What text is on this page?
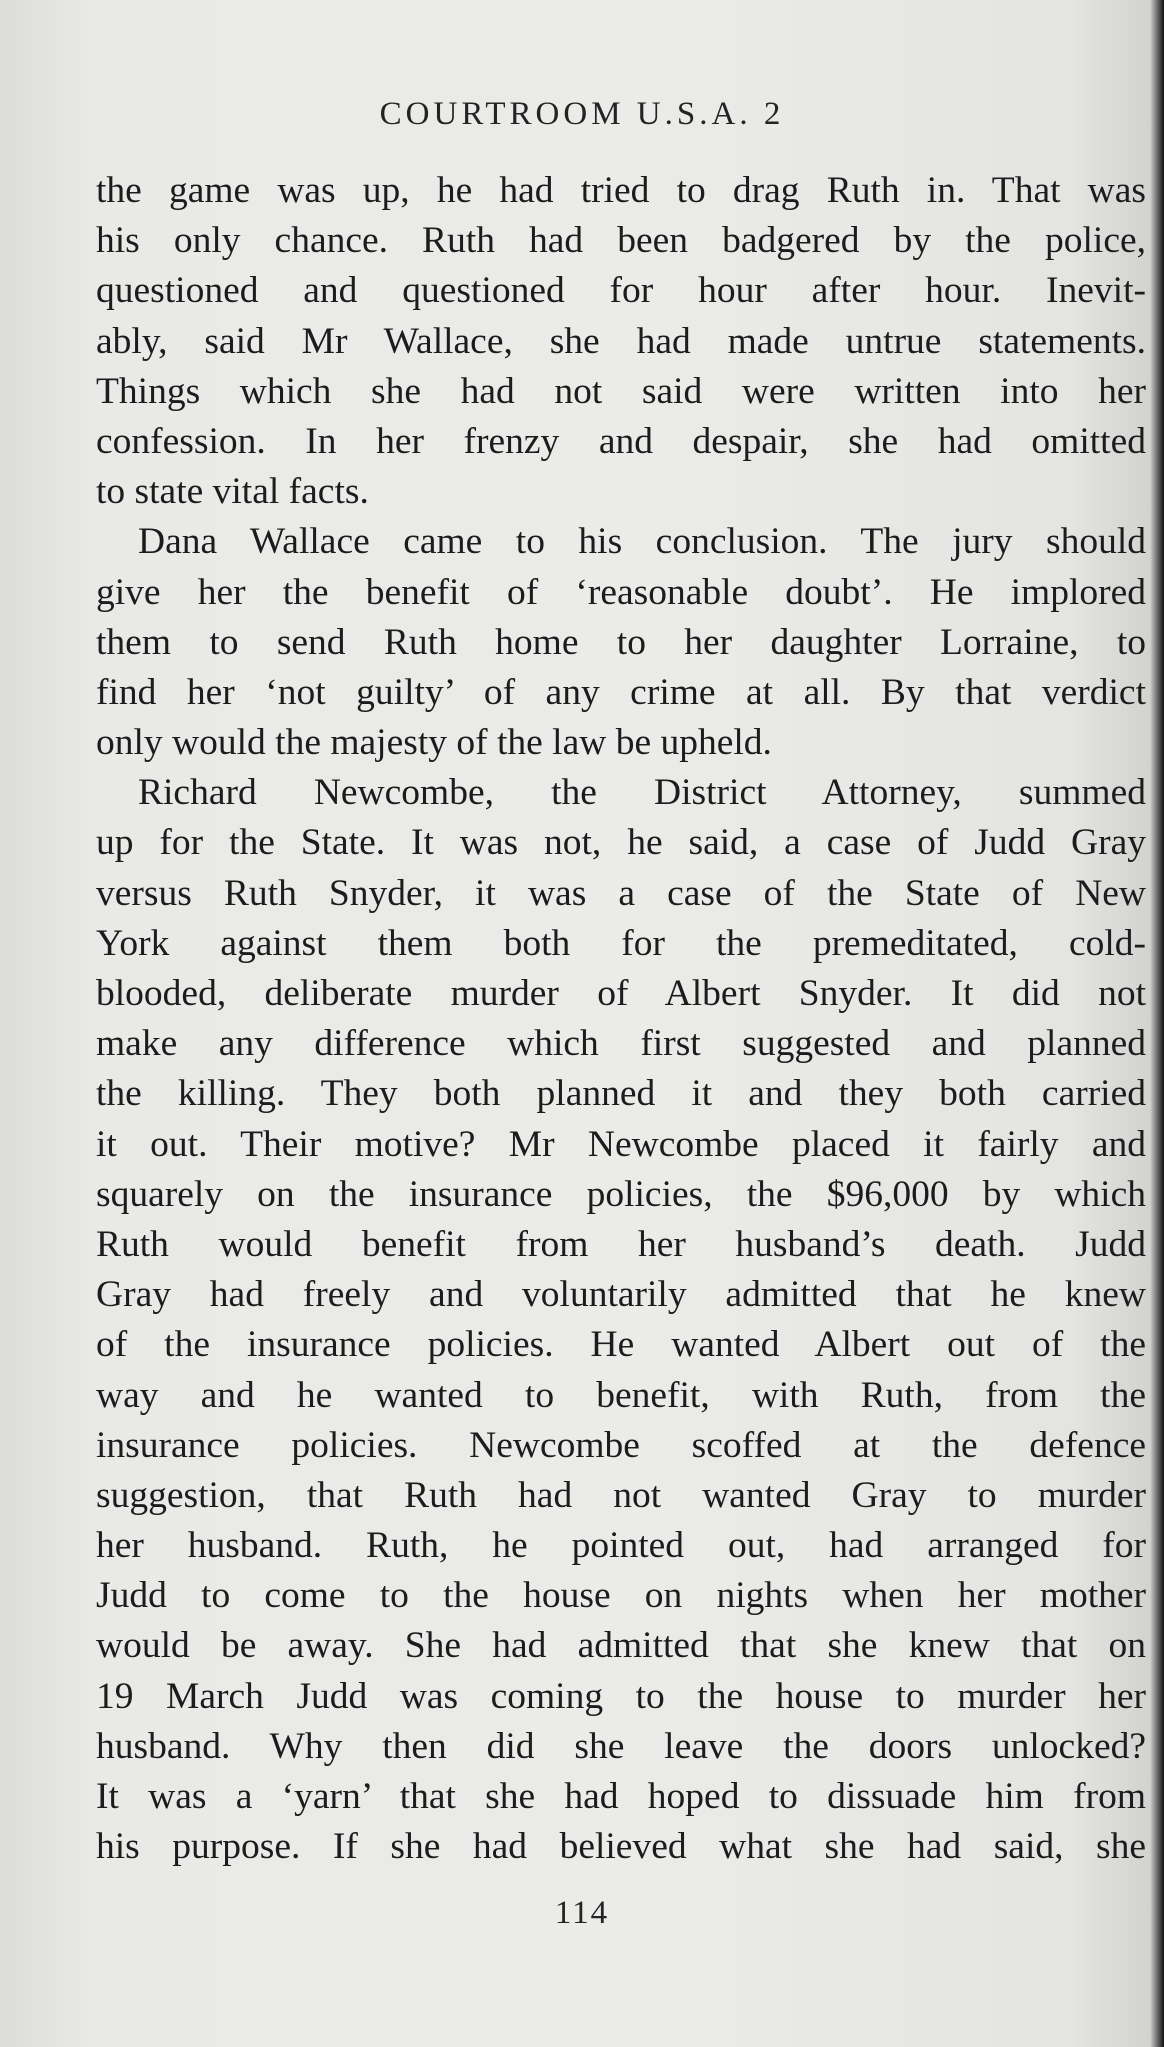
COURTROOM U.S.A. 2
the game was up, he had tried to drag Ruth in. That was
his only chance. Ruth had been badgered by the police,
questioned and questioned for hour after hour. Inevit-
ably, said Mr Wallace, she had made untrue statements.
Things which she had not said were written into her
confession. In her frenzy and despair, she had omitted
to state vital facts.
Dana Wallace came to his conclusion. The jury should
give her the benefit of ‘reasonable doubt’. He implored
them to send Ruth home to her daughter Lorraine, to
find her ‘not guilty’ of any crime at all. By that verdict
only would the majesty of the law be upheld.
Richard Newcombe, the District Attorney, summed
up for the State. It was not, he said, a case of Judd Gray
versus Ruth Snyder, it was a case of the State of New
York against them both for the premeditated, cold-
blooded, deliberate murder of Albert Snyder. It did not
make any difference which first suggested and planned
the killing. They both planned it and they both carried
it out. Their motive? Mr Newcombe placed it fairly and
squarely on the insurance policies, the $96,000 by which
Ruth would benefit from her husband’s death. Judd
Gray had freely and voluntarily admitted that he knew
of the insurance policies. He wanted Albert out of the
way and he wanted to benefit, with Ruth, from the
insurance policies. Newcombe scoffed at the defence
suggestion, that Ruth had not wanted Gray to murder
her husband. Ruth, he pointed out, had arranged for
Judd to come to the house on nights when her mother
would be away. She had admitted that she knew that on
19 March Judd was coming to the house to murder her
husband. Why then did she leave the doors unlocked?
It was a ‘yarn’ that she had hoped to dissuade him from
his purpose. If she had believed what she had said, she
114
